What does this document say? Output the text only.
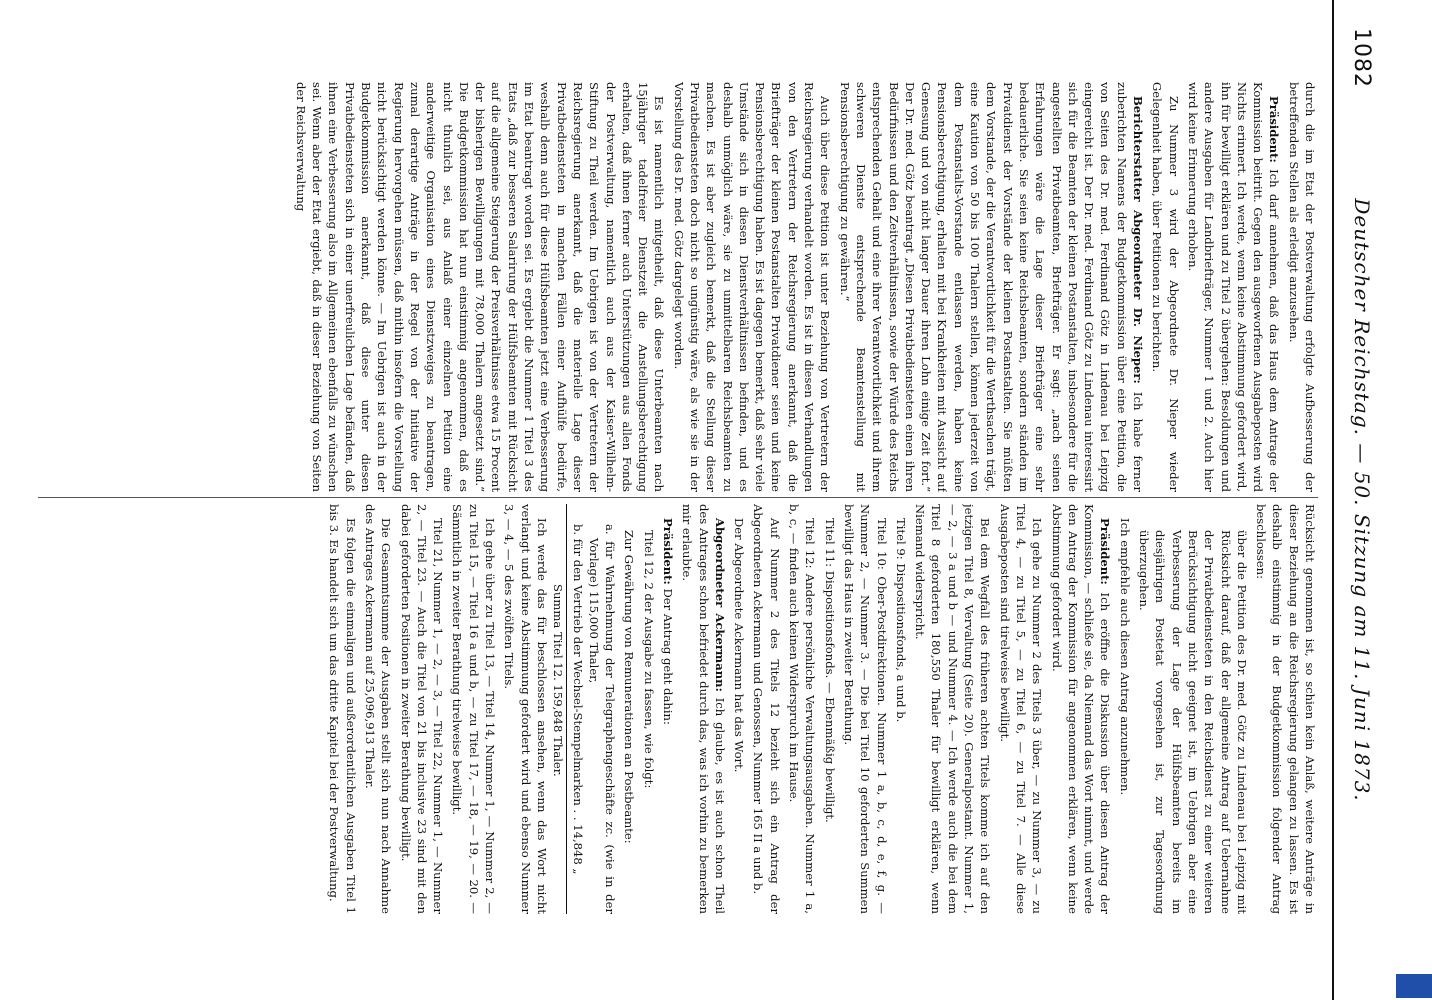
1082
Deutscher Reichstag. — 50. Sitzung am 11. Juni 1873.

durch die im Etat der Postverwaltung erfolgte Aufbesserung der betreffenden Stellen als erledigt anzusehen.

Präsident: Ich darf annehmen, daß das Haus dem Antrage der Kommission beitritt. Gegen den ausgeworfenen Ausgabeposten wird Nichts erinnert. Ich werde, wenn keine Abstimmung gefordert wird, ihn für bewilligt erklären und zu Titel 2 übergehen: Besoldungen und andere Ausgaben für Landbriefträger, Nummer 1 und 2. Auch hier wird keine Erinnerung erhoben.

Zu Nummer 3 wird der Abgeordnete Dr. Nieper wieder Gelegenheit haben, über Petitionen zu berichten.

Berichterstatter Abgeordneter Dr. Nieper: Ich habe ferner zuberichten Namens der Budgetkommission über eine Petition, die von Seiten des Dr. med. Ferdinand Götz in Lindenau bei Leipzig eingereicht ist. Der Dr. med. Ferdinand Götz zu Lindenau interessirt sich für die Beamten der kleinen Postanstalten, insbesondere für die angestellten Privatbeamten, Briefträger. Er sagt: „nach seinen Erfahrungen wäre die Lage dieser Briefträger eine sehr bedauerliche. Sie seien keine Reichsbeamten, sondern ständen im Privatdienst der Vorstände der kleinen Postanstalten. Sie müßten dem Vorstande, der die Verantwortlichkeit für die Werthsachen trägt, eine Kaution von 50 bis 100 Thalern stellen, können jederzeit von dem Postanstalts-Vorstande entlassen werden, haben keine Pensionsberechtigung, erhalten mit bei Krankheiten mit Aussicht auf Genesung und von nicht langer Dauer ihren Lohn einige Zeit fort.“ Der Dr. med. Götz beantragt „Diesen Privatbediensteten einen ihren Bedürfnissen und den Zeitverhältnissen, sowie der Würde des Reichs entsprechenden Gehalt und eine ihrer Verantwortlichkeit und ihrem schweren Dienste entsprechende Beamtenstellung mit Pensionsberechtigung zu gewähren.“

Auch über diese Petition ist unter Beziehung von Vertretern der Reichsregierung verhandelt worden. Es ist in diesen Verhandlungen von den Vertretern der Reichsregierung anerkannt, daß die Briefträger der kleinen Postanstalten Privatdiener seien und keine Pensionsberechtigung haben. Es ist dagegen bemerkt, daß sehr viele Umstände sich in diesen Dienstverhältnissen befinden, und es deshalb unmöglich wäre, sie zu unmittelbaren Reichsbeamten zu machen. Es ist aber zugleich bemerkt, daß die Stellung dieser Privatbediensteten doch nicht so ungünstig wäre, als wie sie in der Vorstellung des Dr. med. Götz dargelegt worden.

Es ist namentlich mitgetheilt, daß diese Unterbeamten nach 15jähriger tadelfreier Dienstzeit die Anstellungsberechtigung erhalten, daß ihnen ferner auch Unterstützungen aus allen Fonds der Postverwaltung, namentlich auch aus der Kaiser-Wilhelm-Stiftung zu Theil werden. Im Uebrigen ist von der Vertretern der Reichsregierung anerkannt, daß die materielle Lage dieser Privatbediensteten in manchen Fällen einer Aufhülfe bedürfe, weshalb denn auch für diese Hülfsbeamten jetzt eine Verbesserung im Etat beantragt worden sei. Es ergiebt die Nummer 1 Titel 3 des Etats „daß zur besseren Salarirung der Hülfsbeamten mit Rücksicht auf die allgemeine Steigerung der Preisverhältnisse etwa 15 Procent der bisherigen Bewilligungen mit 78,000 Thalern angesetzt sind.“ Die Budgetkommission hat nun einstimmig angenommen, daß es nicht thunlich sei, aus Anlaß einer einzelnen Petition eine anderweitige Organisation eines Dienstzweiges zu beantragen, zumal derartige Anträge in der Regel von der Initiative der Regierung hervorgehen müssen, daß mithin insofern die Vorstellung nicht berücksichtigt werden könne. — Im Uebrigen ist auch in der Budgetkommission anerkannt, daß diese unter diesen Privatbediensteten sich in einer unerfreulichen Lage befänden, daß ihnen eine Verbesserung also im Allgemeinen ebenfalls zu wünschen sei. Wenn aber der Etat ergiebt, daß in dieser Beziehung von Seiten der Reichsverwaltung

Rücksicht genommen ist, so schien kein Anlaß, weitere Anträge in dieser Beziehung an die Reichsregierung gelangen zu lassen. Es ist deshalb einstimmig in der Budgetkommission folgender Antrag beschlossen:

über die Petition des Dr. med. Götz zu Lindenau bei Leipzig mit Rücksicht darauf, daß der allgemeine Antrag auf Uebernahme der Privatbediensteten in den Reichsdienst zu einer weiteren Berücksichtigung nicht geeignet ist, im Uebrigen aber eine Verbesserung der Lage der Hülfsbeamten bereits im diesjährigen Postetat vorgesehen ist, zur Tagesordnung überzugehen.

Ich empfehle auch diesen Antrag anzunehmen.

Präsident: Ich eröffne die Diskussion über diesen Antrag der Kommission, — schließe sie, da Niemand das Wort nimmt, und werde den Antrag der Kommission für angenommen erklären, wenn keine Abstimmung gefordert wird.

Ich gehe zu Nummer 2 des Titels 3 über, — zu Nummer 3, — zu Titel 4, — zu Titel 5, — zu Titel 6, — zu Titel 7. — Alle diese Ausgabeposten sind tirelweise bewilligt.

Bei dem Wegfall des früheren achten Titels komme ich auf den jetzigen Titel 8, Vervaltung (Seite 20). Generalpostamt. Nummer 1, — 2, — 3 a und b — und Nummer 4. — Ich werde auch die bei dem Titel 8 geforderten 180,550 Thaler für bewilligt erklären, wenn Niemand widerspricht.

Titel 9: Dispositionsfonds, a und b.

Titel 10: Ober-Postdirektionen. Nummer 1 a, b, c, d, e, f, g. — Nummer 2, — Nummer 3. — Die bei Titel 10 geforderten Summen bewilligt das Haus in zweiter Berathung.

Titel 11: Dispositionsfonds. — Ebenmäßig bewilligt.

Titel 12: Andere persönliche Verwaltungsausgaben. Nummer 1 a, b, c, — finden auch keinen Widerspruch im Hause.

Auf Nummer 2 des Titels 12 bezieht sich ein Antrag der Abgeordneten Ackermann und Genossen, Nummer 165 II a und b.

Der Abgeordnete Ackermann hat das Wort.

Abgeordneter Ackermann: Ich glaube, es ist auch schon Theil des Antrages schon befriedet durch das, was ich vorhin zu bemerken mir erlaubte.

Präsident: Der Antrag geht dahin:

Titel 12, 2 der Ausgabe zu fassen, wie folgt:

Zur Gewährung von Remunerationen an Postbeamte:

a. für Wahrnehmung der Telegraphengeschäfte zc. (wie in der Vorlage) 115,000 Thaler,

b. für den Vertrieb der Wechsel-Stempelmarken . . 14,848 „

Summa Titel 12. 159,848 Thaler.

Ich werde das für beschlossen ansehen, wenn das Wort nicht verlangt und keine Abstimmung gefordert wird und ebenso Nummer 3, — 4, — 5 des zwölften Titels.

Ich gehe über zu Titel 13, — Titel 14, Nummer 1, — Nummer 2, — zu Titel 15, — Titel 16 a und b, — zu Titel 17, — 18, — 19, — 20. — Sämmtlich in zweiter Berathung tirelweise bewilligt.

Titel 21, Nummer 1, — 2, — 3, — Titel 22, Nummer 1, — Nummer 2, — Titel 23. — Auch die Titel von 21 bis inclusive 23 sind mit den dabei geforderten Positionen in zweiter Berathung bewilligt.

Die Gesammtsumme der Ausgaben stellt sich nun nach Annahme des Antrages Ackermann auf 25,096,913 Thaler.

Es folgen die einmaligen und außerordentlichen Ausgaben Titel 1 bis 3. Es handelt sich um das dritte Kapitel bei der Postverwaltung.
